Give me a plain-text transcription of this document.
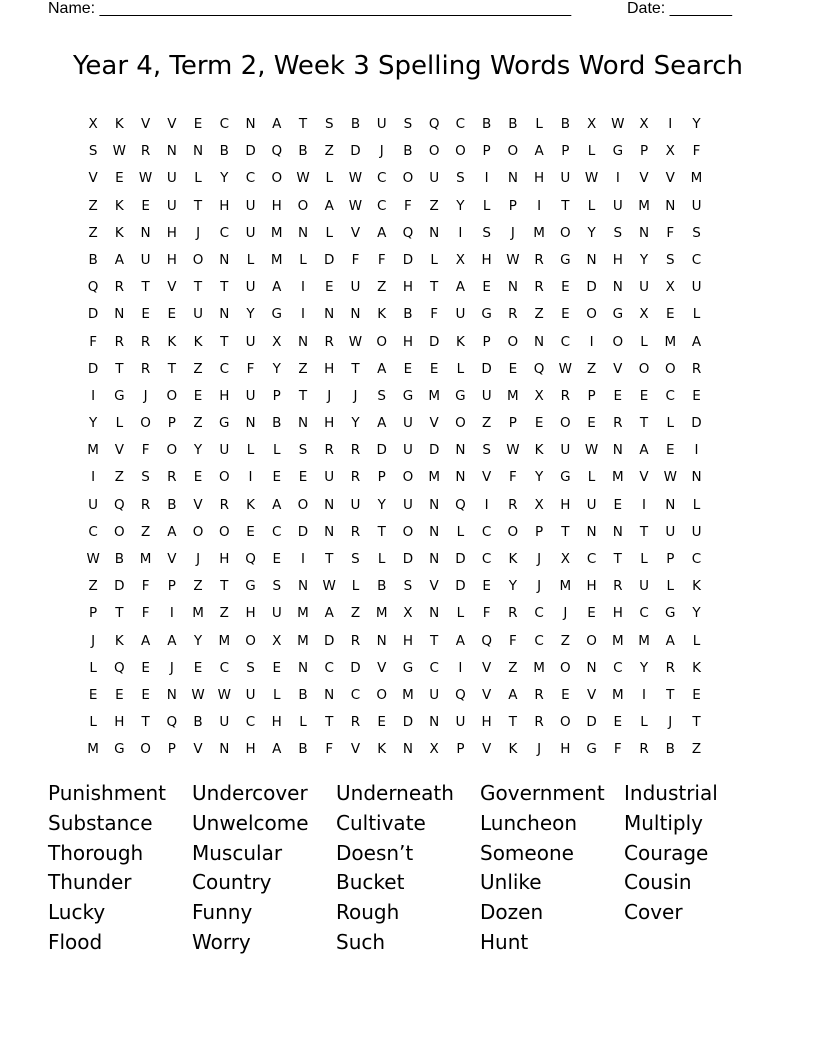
Name: _____________________________________________________	Date: _______
Year 4, Term 2, Week 3 Spelling Words Word Search
X	K	V	V	E	C	N	A	T	S	B	U	S	Q	C	B	B	L	B	X	W	X	I	Y
S	W	R	N	N	B	D	Q	B	Z	D	J	B	O	O	P	O	A	P	L	G	P	X	F
V	E	W	U	L	Y	C	O	W	L	W	C	O	U	S	I	N	H	U	W	I	V	V	M
Z	K	E	U	T	H	U	H	O	A	W	C	F	Z	Y	L	P	I	T	L	U	M	N	U
Z	K	N	H	J	C	U	M	N	L	V	A	Q	N	I	S	J	M	O	Y	S	N	F	S
B	A	U	H	O	N	L	M	L	D	F	F	D	L	X	H	W	R	G	N	H	Y	S	C
Q	R	T	V	T	T	U	A	I	E	U	Z	H	T	A	E	N	R	E	D	N	U	X	U
D	N	E	E	U	N	Y	G	I	N	N	K	B	F	U	G	R	Z	E	O	G	X	E	L
F	R	R	K	K	T	U	X	N	R	W	O	H	D	K	P	O	N	C	I	O	L	M	A
D	T	R	T	Z	C	F	Y	Z	H	T	A	E	E	L	D	E	Q	W	Z	V	O	O	R
I	G	J	O	E	H	U	P	T	J	J	S	G	M	G	U	M	X	R	P	E	E	C	E
Y	L	O	P	Z	G	N	B	N	H	Y	A	U	V	O	Z	P	E	O	E	R	T	L	D
M	V	F	O	Y	U	L	L	S	R	R	D	U	D	N	S	W	K	U	W	N	A	E	I
I	Z	S	R	E	O	I	E	E	U	R	P	O	M	N	V	F	Y	G	L	M	V	W	N
U	Q	R	B	V	R	K	A	O	N	U	Y	U	N	Q	I	R	X	H	U	E	I	N	L
C	O	Z	A	O	O	E	C	D	N	R	T	O	N	L	C	O	P	T	N	N	T	U	U
W	B	M	V	J	H	Q	E	I	T	S	L	D	N	D	C	K	J	X	C	T	L	P	C
Z	D	F	P	Z	T	G	S	N	W	L	B	S	V	D	E	Y	J	M	H	R	U	L	K
P	T	F	I	M	Z	H	U	M	A	Z	M	X	N	L	F	R	C	J	E	H	C	G	Y
J	K	A	A	Y	M	O	X	M	D	R	N	H	T	A	Q	F	C	Z	O	M	M	A	L
L	Q	E	J	E	C	S	E	N	C	D	V	G	C	I	V	Z	M	O	N	C	Y	R	K
E	E	E	N	W W	U	L	B	N	C	O	M	U	Q	V	A	R	E	V	M	I	T	E
L	H	T	Q	B	U	C	H	L	T	R	E	D	N	U	H	T	R	O	D	E	L	J	T
M	G	O	P	V	N	H	A	B	F	V	K	N	X	P	V	K	J	H	G	F	R	B	Z
Punishment	Undercover	Underneath	Government Industrial
Substance	Unwelcome	Cultivate	Luncheon	Multiply
Thorough	Muscular	Doesn’t	Someone	Courage
Thunder	Country	Bucket	Unlike	Cousin
Lucky	Funny	Rough	Dozen	Cover
Flood	Worry	Such	Hunt
